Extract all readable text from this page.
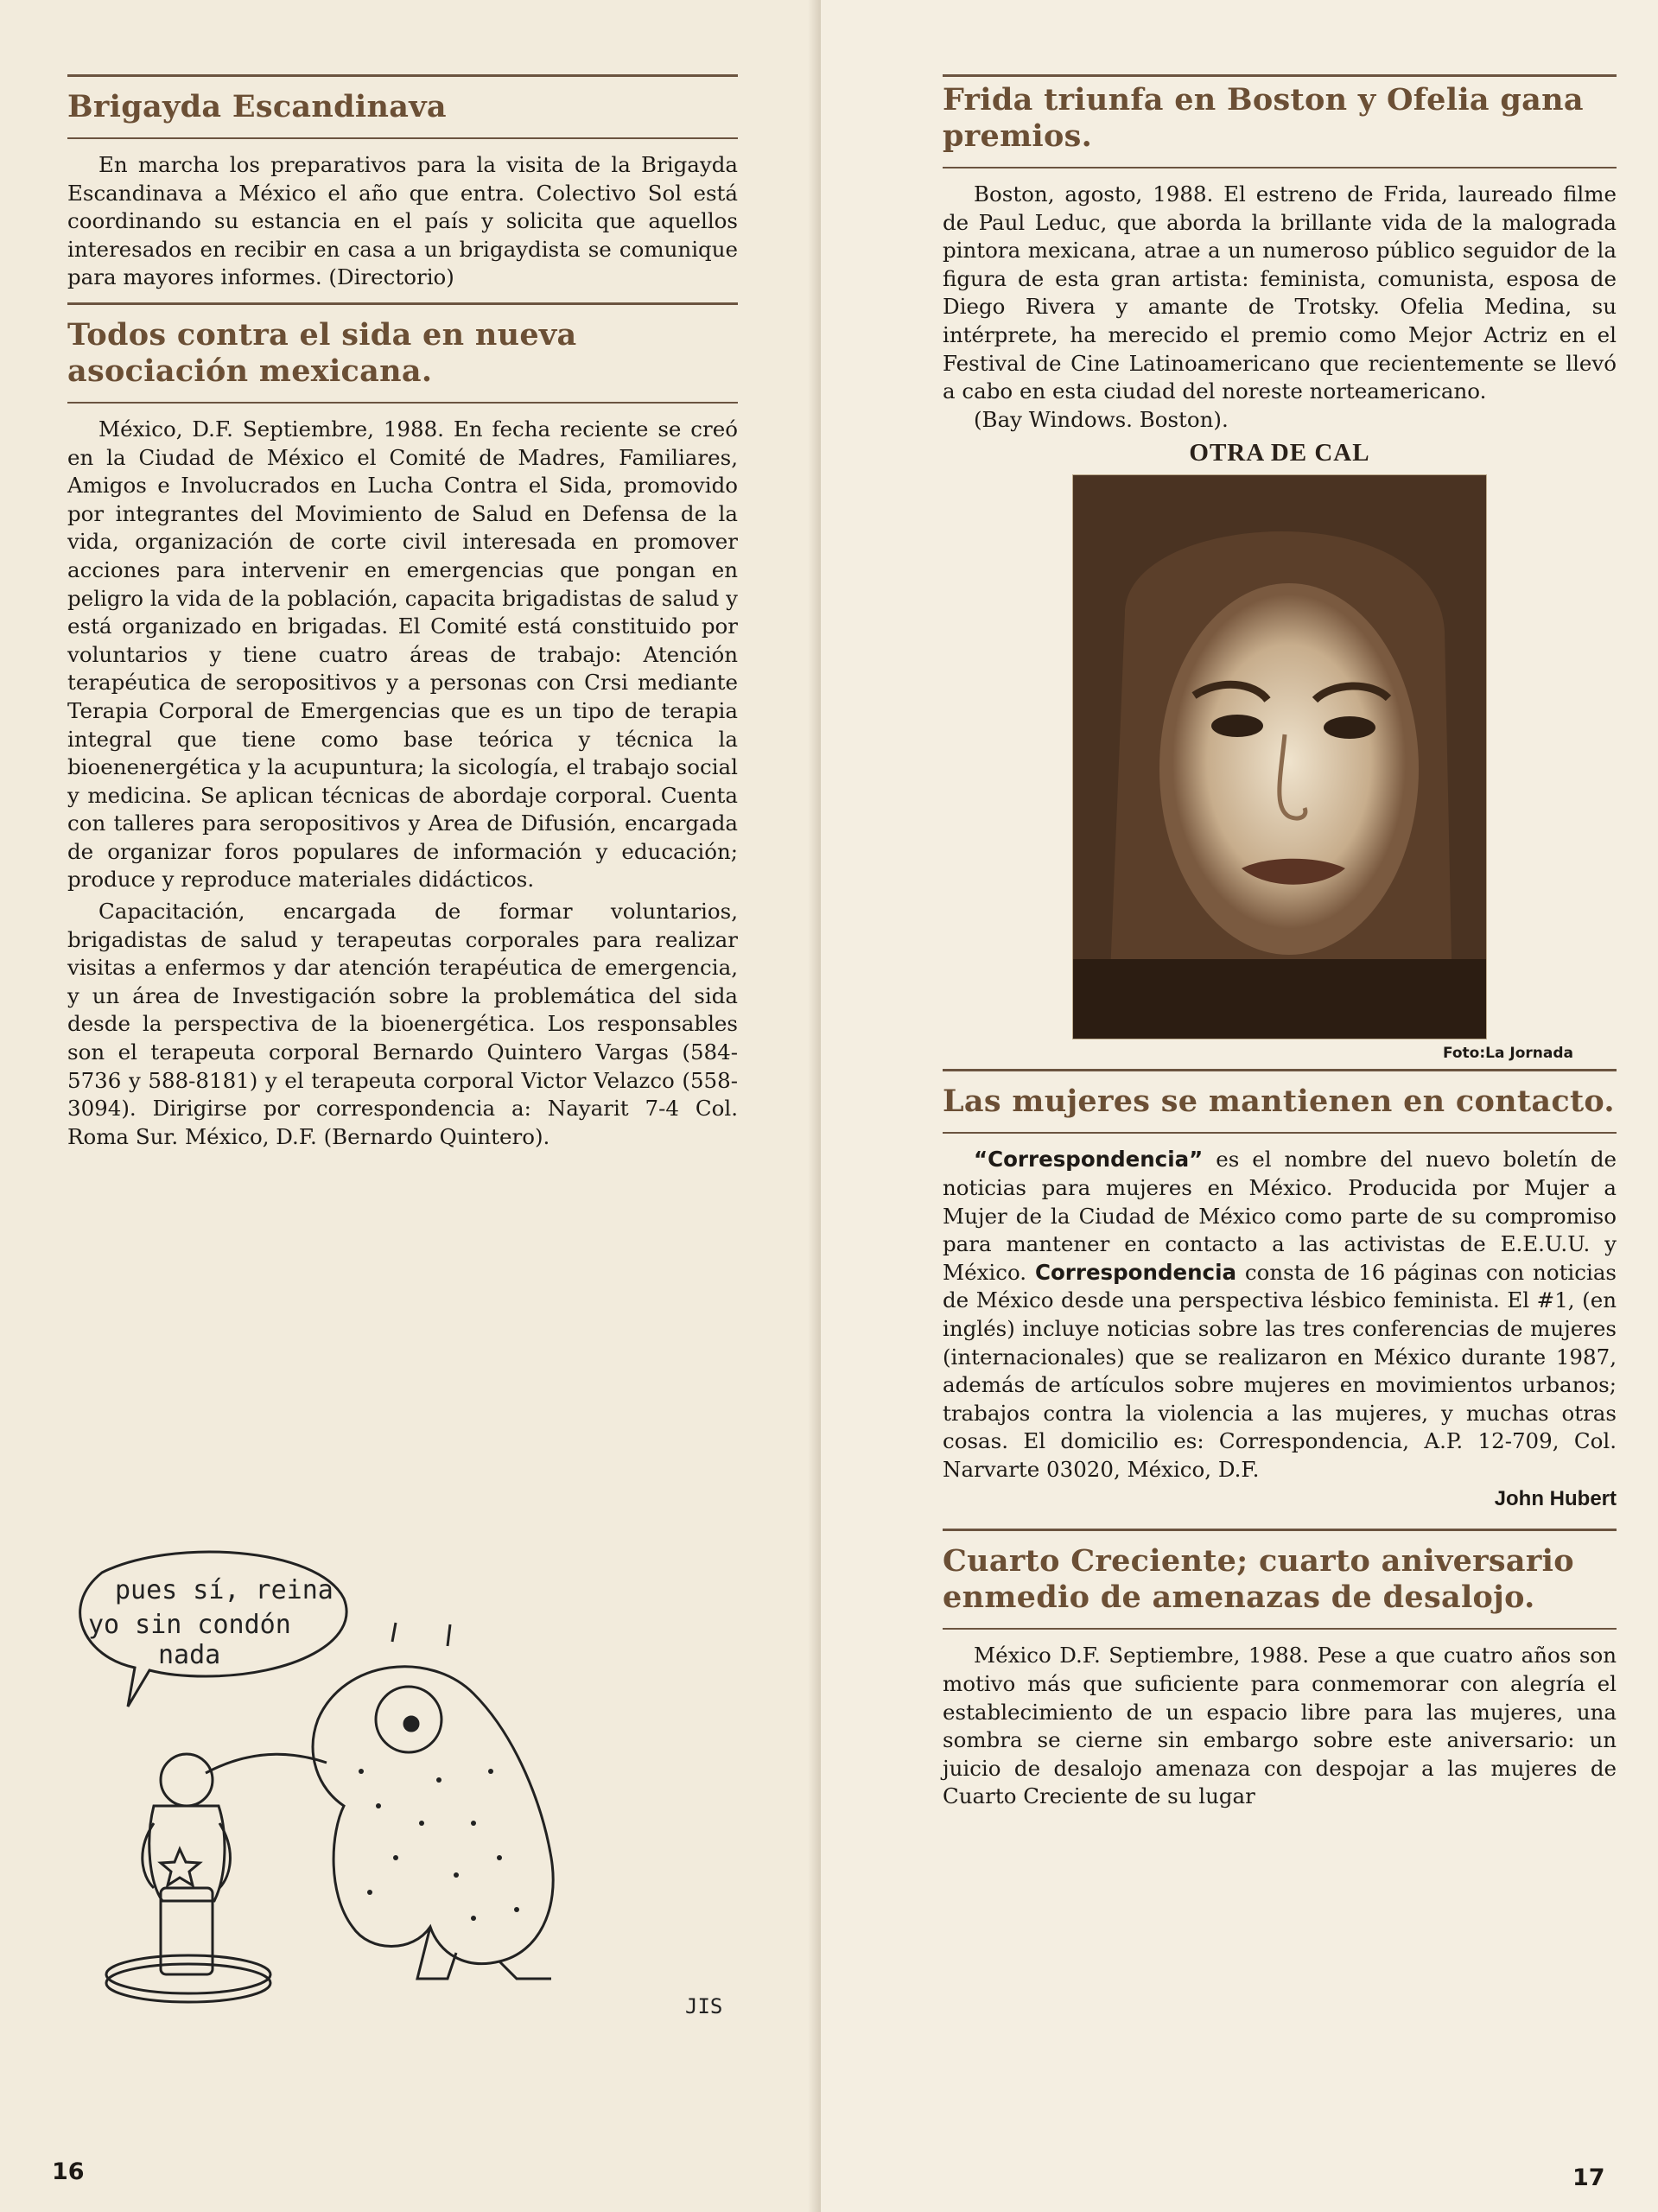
Brigayda Escandinava

En marcha los preparativos para la visita de la Brigayda Escandinava a México el año que entra. Colectivo Sol está coordinando su estancia en el país y solicita que aquellos interesados en recibir en casa a un brigaydista se comunique para mayores informes. (Directorio)

Todos contra el sida en nueva asociación mexicana.

México, D.F. Septiembre, 1988. En fecha reciente se creó en la Ciudad de México el Comité de Madres, Familiares, Amigos e Involucrados en Lucha Contra el Sida, promovido por integrantes del Movimiento de Salud en Defensa de la vida, organización de corte civil interesada en promover acciones para intervenir en emergencias que pongan en peligro la vida de la población, capacita brigadistas de salud y está organizado en brigadas. El Comité está constituido por voluntarios y tiene cuatro áreas de trabajo: Atención terapéutica de seropositivos y a personas con Crsi mediante Terapia Corporal de Emergencias que es un tipo de terapia integral que tiene como base teórica y técnica la bioenenergética y la acupuntura; la sicología, el trabajo social y medicina. Se aplican técnicas de abordaje corporal. Cuenta con talleres para seropositivos y Area de Difusión, encargada de organizar foros populares de información y educación; produce y reproduce materiales didácticos.

Capacitación, encargada de formar voluntarios, brigadistas de salud y terapeutas corporales para realizar visitas a enfermos y dar atención terapéutica de emergencia, y un área de Investigación sobre la problemática del sida desde la perspectiva de la bioenergética. Los responsables son el terapeuta corporal Bernardo Quintero Vargas (584-5736 y 588-8181) y el terapeuta corporal Victor Velazco (558-3094). Dirigirse por correspondencia a: Nayarit 7-4 Col. Roma Sur. México, D.F. (Bernardo Quintero).

pues sí, reina
yo sin condón
nada
JIS
16	17
Frida triunfa en Boston y Ofelia gana premios.

Boston, agosto, 1988. El estreno de Frida, laureado filme de Paul Leduc, que aborda la brillante vida de la malograda pintora mexicana, atrae a un numeroso público seguidor de la figura de esta gran artista: feminista, comunista, esposa de Diego Rivera y amante de Trotsky. Ofelia Medina, su intérprete, ha merecido el premio como Mejor Actriz en el Festival de Cine Latinoamericano que recientemente se llevó a cabo en esta ciudad del noreste norteamericano.

(Bay Windows. Boston).

OTRA DE CAL
Foto:La Jornada
Las mujeres se mantienen en contacto.

“Correspondencia” es el nombre del nuevo boletín de noticias para mujeres en México. Producida por Mujer a Mujer de la Ciudad de México como parte de su compromiso para mantener en contacto a las activistas de E.E.U.U. y México. Correspondencia consta de 16 páginas con noticias de México desde una perspectiva lésbico feminista. El #1, (en inglés) incluye noticias sobre las tres conferencias de mujeres (internacionales) que se realizaron en México durante 1987, además de artículos sobre mujeres en movimientos urbanos; trabajos contra la violencia a las mujeres, y muchas otras cosas. El domicilio es: Correspondencia, A.P. 12-709, Col. Narvarte 03020, México, D.F.

John Hubert
Cuarto Creciente; cuarto aniversario enmedio de amenazas de desalojo.

México D.F. Septiembre, 1988. Pese a que cuatro años son motivo más que suficiente para conmemorar con alegría el establecimiento de un espacio libre para las mujeres, una sombra se cierne sin embargo sobre este aniversario: un juicio de desalojo amenaza con despojar a las mujeres de Cuarto Creciente de su lugar
